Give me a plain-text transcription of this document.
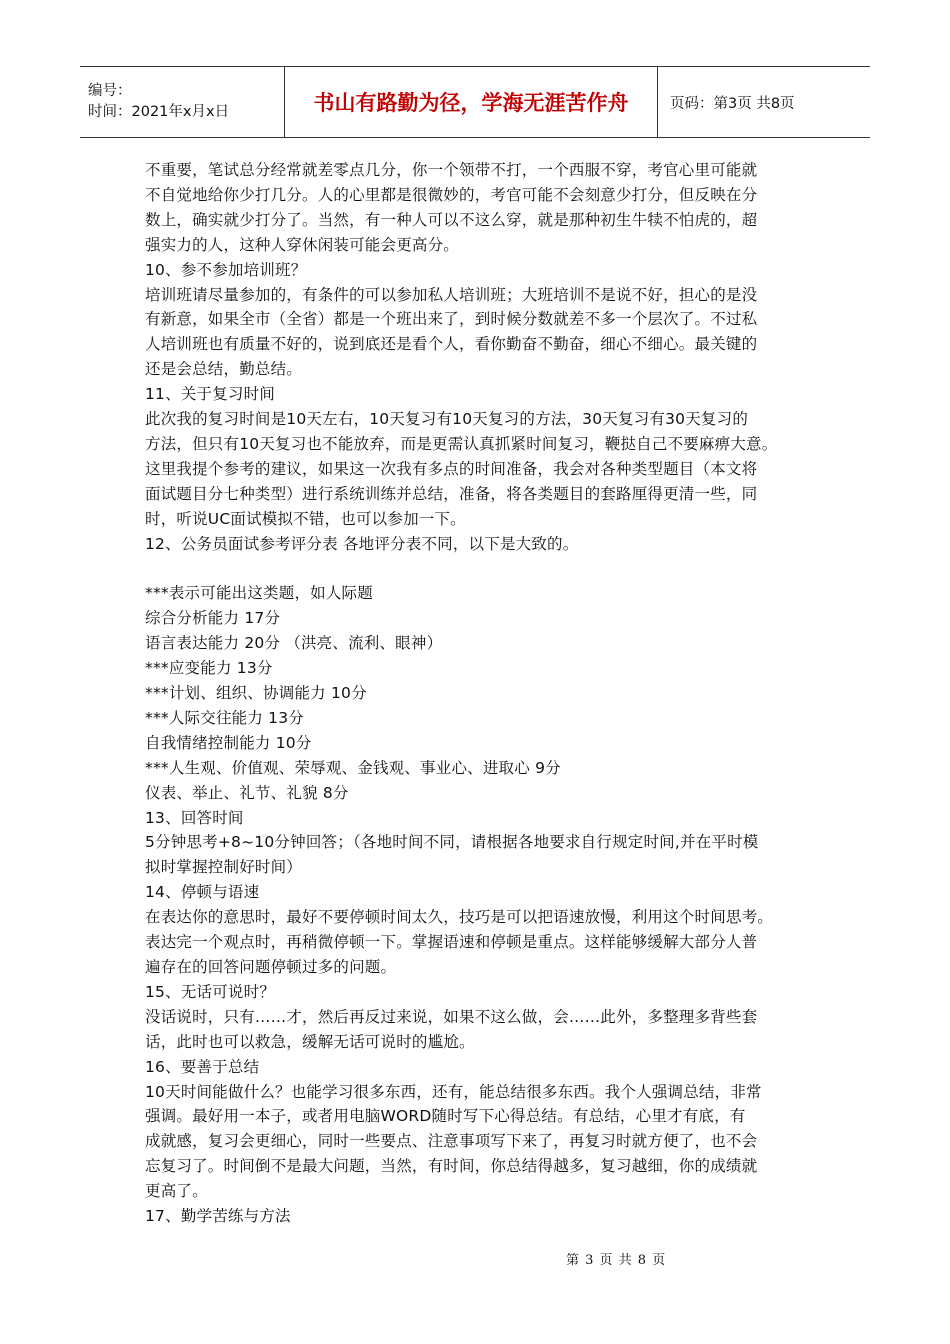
编号：
时间：2021年x月x日	书山有路勤为径，学海无涯苦作舟	页码：第3页 共8页

不重要，笔试总分经常就差零点几分，你一个领带不打，一个西服不穿，考官心里可能就

不自觉地给你少打几分。人的心里都是很微妙的，考官可能不会刻意少打分，但反映在分

数上，确实就少打分了。当然，有一种人可以不这么穿，就是那种初生牛犊不怕虎的，超

强实力的人，这种人穿休闲装可能会更高分。

10、参不参加培训班？

培训班请尽量参加的，有条件的可以参加私人培训班；大班培训不是说不好，担心的是没

有新意，如果全市（全省）都是一个班出来了，到时候分数就差不多一个层次了。不过私

人培训班也有质量不好的，说到底还是看个人，看你勤奋不勤奋，细心不细心。最关键的

还是会总结，勤总结。

11、关于复习时间

此次我的复习时间是10天左右，10天复习有10天复习的方法，30天复习有30天复习的

方法，但只有10天复习也不能放弃，而是更需认真抓紧时间复习，鞭挞自己不要麻痹大意。

这里我提个参考的建议，如果这一次我有多点的时间准备，我会对各种类型题目（本文将

面试题目分七种类型）进行系统训练并总结，准备，将各类题目的套路厘得更清一些，同

时，听说UC面试模拟不错，也可以参加一下。

12、公务员面试参考评分表 各地评分表不同，以下是大致的。

***表示可能出这类题，如人际题

综合分析能力 17分

语言表达能力 20分 （洪亮、流利、眼神）

***应变能力 13分

***计划、组织、协调能力 10分

***人际交往能力 13分

自我情绪控制能力 10分

***人生观、价值观、荣辱观、金钱观、事业心、进取心 9分

仪表、举止、礼节、礼貌 8分

13、回答时间

5分钟思考+8~10分钟回答；（各地时间不同，请根据各地要求自行规定时间,并在平时模

拟时掌握控制好时间）

14、停顿与语速

在表达你的意思时，最好不要停顿时间太久，技巧是可以把语速放慢，利用这个时间思考。

表达完一个观点时，再稍微停顿一下。掌握语速和停顿是重点。这样能够缓解大部分人普

遍存在的回答问题停顿过多的问题。

15、无话可说时？

没话说时，只有……才，然后再反过来说，如果不这么做，会……此外，多整理多背些套

话，此时也可以救急，缓解无话可说时的尴尬。

16、要善于总结

10天时间能做什么？也能学习很多东西，还有，能总结很多东西。我个人强调总结，非常

强调。最好用一本子，或者用电脑WORD随时写下心得总结。有总结，心里才有底，有

成就感，复习会更细心，同时一些要点、注意事项写下来了，再复习时就方便了，也不会

忘复习了。时间倒不是最大问题，当然，有时间，你总结得越多，复习越细，你的成绩就

更高了。

17、勤学苦练与方法

第 3 页 共 8 页
